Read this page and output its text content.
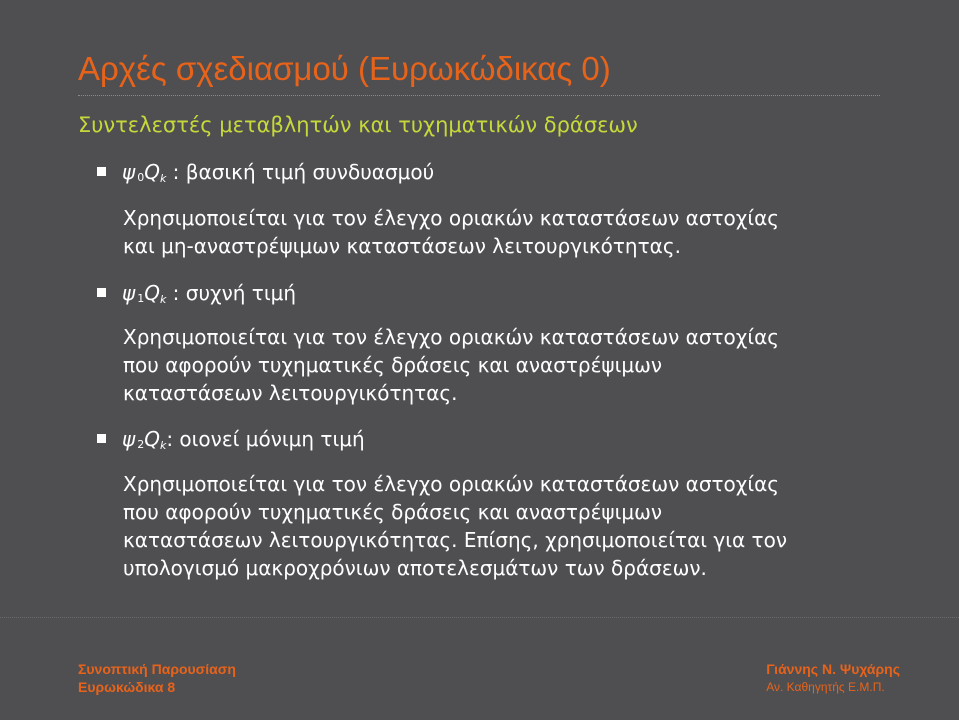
Αρχές σχεδιασμού (Ευρωκώδικας 0)
Συντελεστές μεταβλητών και τυχηματικών δράσεων
ψ  0Qk : βασική τιμή συνδυασμού
Χρησιμοποιείται για τον έλεγχο οριακών καταστάσεων αστοχίας
και μη-αναστρέψιμων καταστάσεων λειτουργικότητας.
ψ  1Qk : συχνή τιμή
Χρησιμοποιείται για τον έλεγχο οριακών καταστάσεων αστοχίας
που αφορούν τυχηματικές δράσεις και αναστρέψιμων
καταστάσεων λειτουργικότητας.
ψ  2Qk: οιονεί μόνιμη τιμή
Χρησιμοποιείται για τον έλεγχο οριακών καταστάσεων αστοχίας
που αφορούν τυχηματικές δράσεις και αναστρέψιμων
καταστάσεων λειτουργικότητας. Επίσης, χρησιμοποιείται για τον
υπολογισμό μακροχρόνιων αποτελεσμάτων των δράσεων.
Συνοπτική Παρουσίαση
Ευρωκώδικα 8
Γιάννης Ν. Ψυχάρης
Αν. Καθηγητής Ε.Μ.Π.
